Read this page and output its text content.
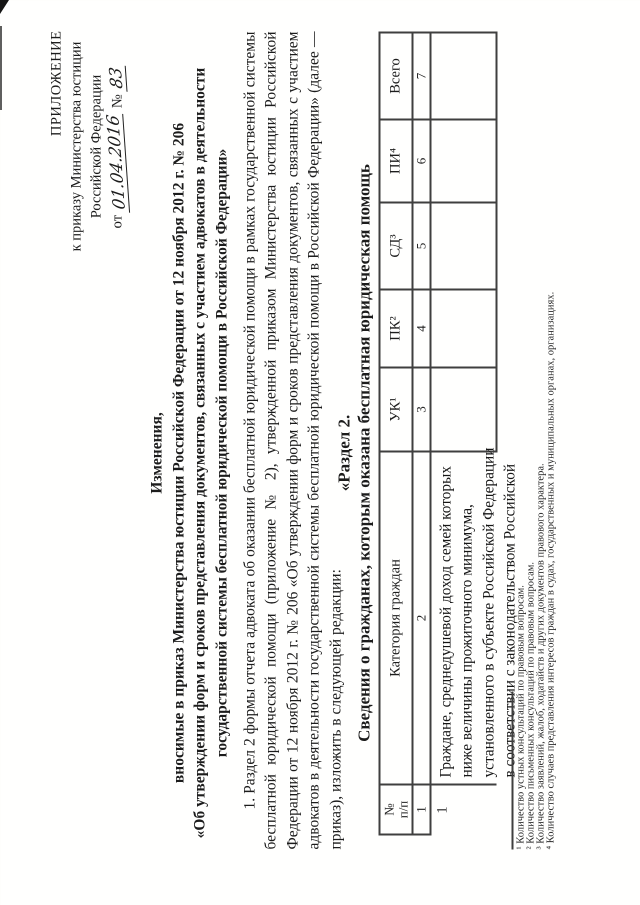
ПРИЛОЖЕНИЕ к приказу Министерства юстиции Российской Федерации
от 01.04.2016 № 83
Изменения, вносимые в приказ Министерства юстиции Российской Федерации от 12 ноября 2012 г. № 206 «Об утверждении форм и сроков представления документов, связанных с участием адвокатов в деятельности государственной системы бесплатной юридической помощи в Российской Федерации» 1. Раздел 2 формы отчета адвоката об оказании бесплатной юридической помощи в рамках государственной системы бесплатной юридической помощи (приложение № 2), утвержденной приказом Министерства юстиции Российской Федерации от 12 ноября 2012 г. № 206 «Об утверждении форм и сроков представления документов, связанных с участием адвокатов в деятельности государственной системы бесплатной юридической помощи в Российской Федерации» (далее — приказ), изложить в следующей редакции:
«Раздел 2. Сведения о гражданах, которым оказана бесплатная юридическая помощь
№ п/п	Категория граждан	УК¹	ПК²	СД³	ПИ⁴	Всего
1	2	3	4	5	6	7
1	Граждане, среднедушевой доход семей которых ниже величины прожиточного минимума, установленного в субъекте Российской Федерации в соответствии с законодательством Российской					

¹ Количество устных консультаций по правовым вопросам.
² Количество письменных консультаций по правовым вопросам.
³ Количество заявлений, жалоб, ходатайств и других документов правового характера.
⁴ Количество случаев представления интересов граждан в судах, государственных и муниципальных органах, организациях.
